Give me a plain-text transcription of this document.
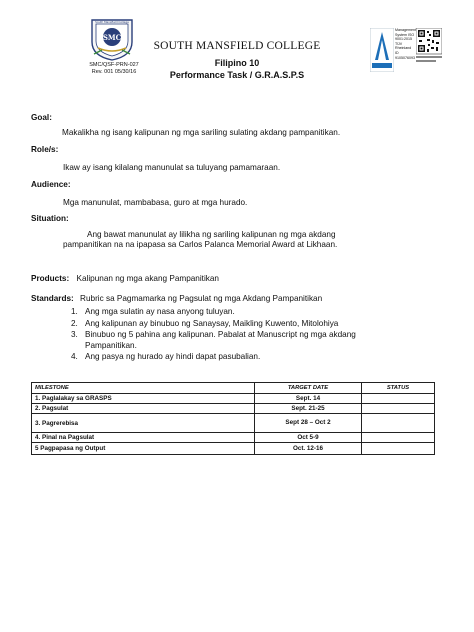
SMC
South Mansfield College
SMC/QSF-PRN-027
Rev. 001 05/30/16
SOUTH MANSFIELD COLLEGE
Filipino 10
Performance Task / G.R.A.S.P.S
Management System ISO 9001:2015 TÜV Rheinland ID 9105076093
Goal:
Makalikha ng isang kalipunan ng mga sariling sulating akdang pampanitikan.
Role/s:
Ikaw ay isang kilalang manunulat sa tuluyang pamamaraan.
Audience:
Mga manunulat, mambabasa, guro at mga hurado.
Situation:
Ang bawat manunulat ay lilikha ng sariling kalipunan ng mga akdang
pampanitikan na na ipapasa sa Carlos Palanca Memorial Award at Likhaan.
Products: Kalipunan ng mga akang Pampanitikan
Standards: Rubric sa Pagmamarka ng Pagsulat ng mga Akdang Pampanitikan
1. Ang mga sulatin ay nasa anyong tuluyan.
2. Ang kalipunan ay binubuo ng Sanaysay, Maikling Kuwento, Mitolohiya
3. Binubuo ng 5 pahina ang kalipunan. Pabalat at Manuscript ng mga akdang
Pampanitikan.
4. Ang pasya ng hurado ay hindi dapat pasubalian.
MILESTONE	TARGET DATE	STATUS
1. Paglalakay sa GRASPS	Sept. 14	
2. Pagsulat	Sept. 21-25	
3. Pagrerebisa	Sept 28 – Oct 2	
4. Pinal na Pagsulat	Oct 5-9	
5 Pagpapasa ng Output	Oct. 12-16	
